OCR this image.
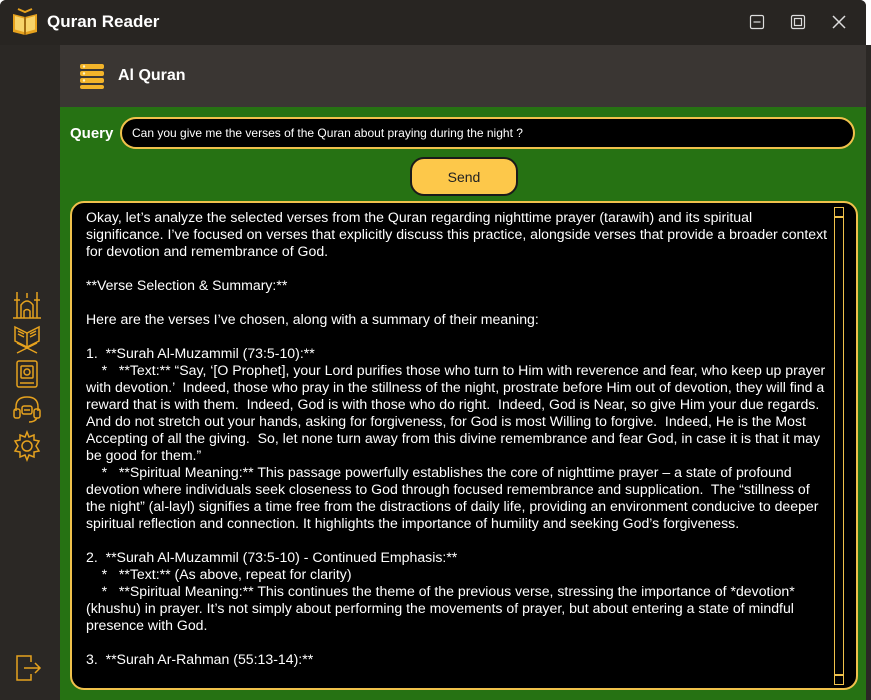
Quran Reader
Al Quran
Query
Can you give me the verses of the Quran about praying during the night ?
Send

Okay, let’s analyze the selected verses from the Quran regarding nighttime prayer (tarawih) and its spiritual significance. I’ve focused on verses that explicitly discuss this practice, alongside verses that provide a broader context for devotion and remembrance of God.

**Verse Selection & Summary:**

Here are the verses I’ve chosen, along with a summary of their meaning:

1.  **Surah Al-Muzammil (73:5-10):**
*   **Text:** “Say, ‘[O Prophet], your Lord purifies those who turn to Him with reverence and fear, who keep up prayer with devotion.’  Indeed, those who pray in the stillness of the night, prostrate before Him out of devotion, they will find a reward that is with them.  Indeed, God is with those who do right.  Indeed, God is Near, so give Him your due regards.  And do not stretch out your hands, asking for forgiveness, for God is most Willing to forgive.  Indeed, He is the Most Accepting of all the giving.  So, let none turn away from this divine remembrance and fear God, in case it is that it may be good for them.”
*   **Spiritual Meaning:** This passage powerfully establishes the core of nighttime prayer – a state of profound devotion where individuals seek closeness to God through focused remembrance and supplication.  The “stillness of the night” (al-layl) signifies a time free from the distractions of daily life, providing an environment conducive to deeper spiritual reflection and connection. It highlights the importance of humility and seeking God’s forgiveness.

2.  **Surah Al-Muzammil (73:5-10) - Continued Emphasis:**
*   **Text:** (As above, repeat for clarity)
*   **Spiritual Meaning:** This continues the theme of the previous verse, stressing the importance of *devotion* (khushu) in prayer. It’s not simply about performing the movements of prayer, but about entering a state of mindful presence with God.

3.  **Surah Ar-Rahman (55:13-14):**
